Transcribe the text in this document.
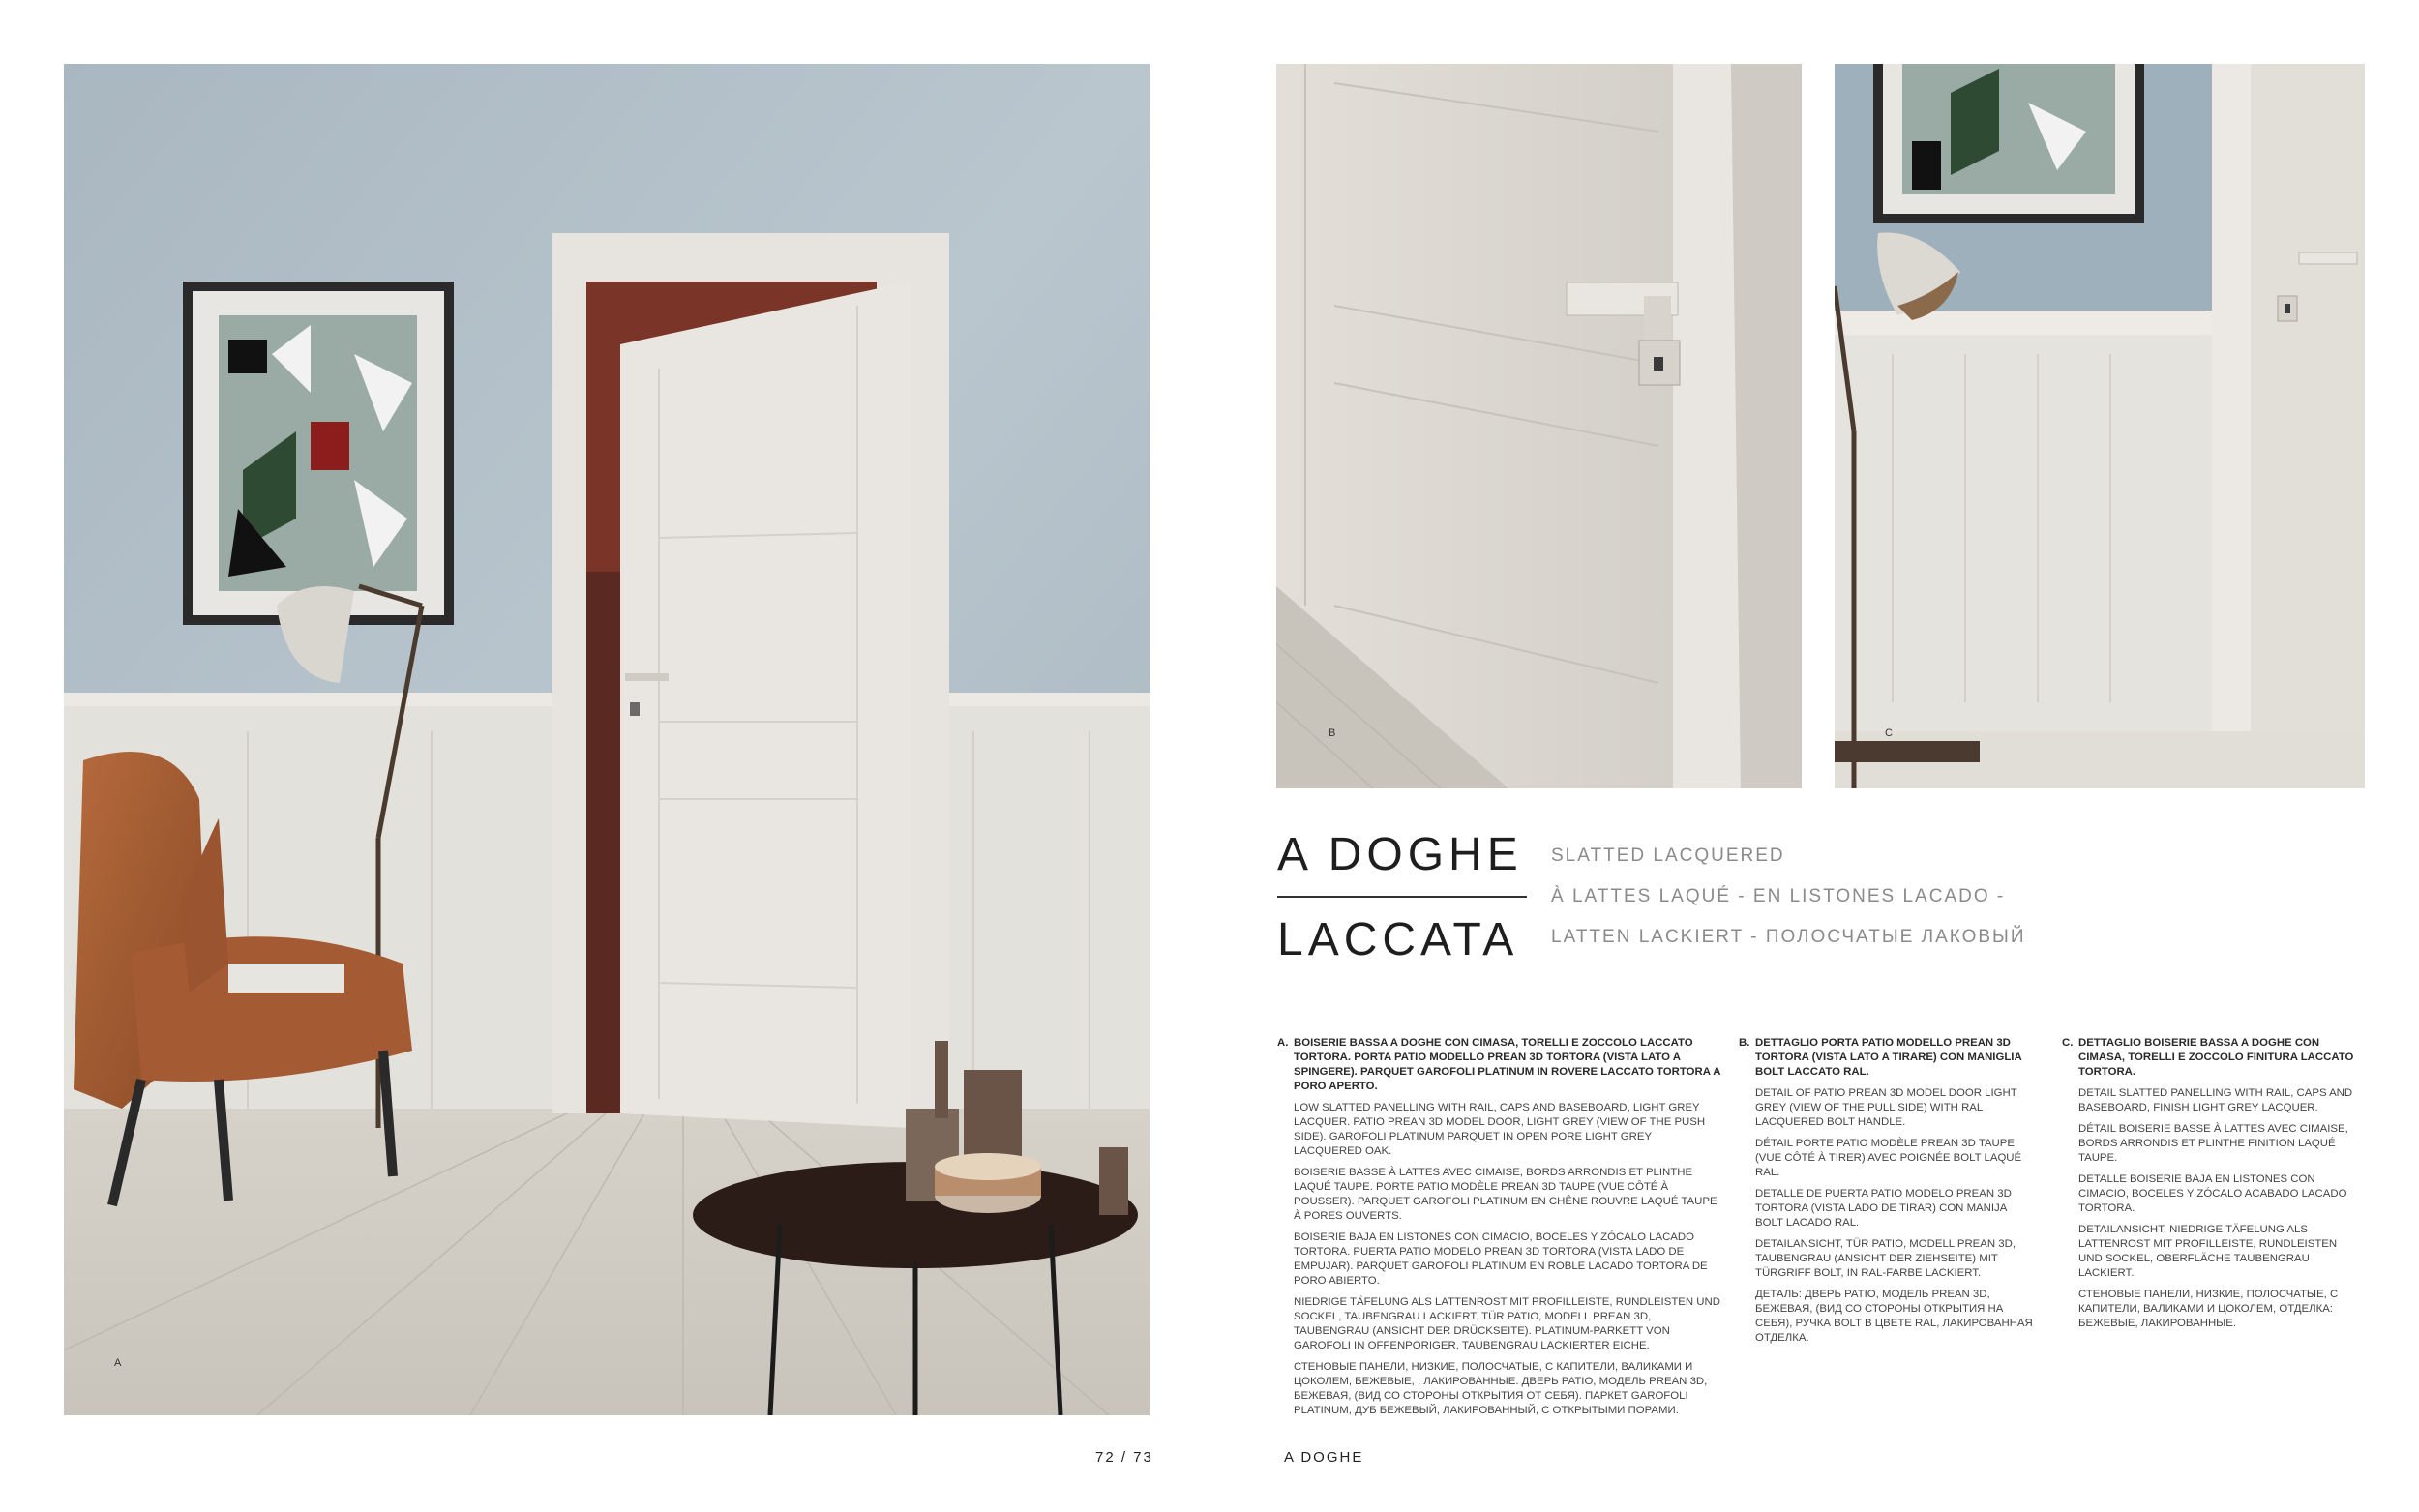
A
B	C
A DOGHE
LACCATA
SLATTED LACQUERED
À LATTES LAQUÉ - EN LISTONES LACADO -
LATTEN LACKIERT - ПОЛОСЧАТЫЕ ЛАКОВЫЙ
A. BOISERIE BASSA A DOGHE CON CIMASA, TORELLI E ZOCCOLO LACCATO TORTORA. PORTA PATIO MODELLO PREAN 3D TORTORA (VISTA LATO A SPINGERE). PARQUET GAROFOLI PLATINUM IN ROVERE LACCATO TORTORA A PORO APERTO.
LOW SLATTED PANELLING WITH RAIL, CAPS AND BASEBOARD, LIGHT GREY LACQUER. PATIO PREAN 3D MODEL DOOR, LIGHT GREY (VIEW OF THE PUSH SIDE). GAROFOLI PLATINUM PARQUET IN OPEN PORE LIGHT GREY LACQUERED OAK.
BOISERIE BASSE À LATTES AVEC CIMAISE, BORDS ARRONDIS ET PLINTHE LAQUÉ TAUPE. PORTE PATIO MODÈLE PREAN 3D TAUPE (VUE CÔTÉ À POUSSER). PARQUET GAROFOLI PLATINUM EN CHÊNE ROUVRE LAQUÉ TAUPE À PORES OUVERTS.
BOISERIE BAJA EN LISTONES CON CIMACIO, BOCELES Y ZÓCALO LACADO TORTORA. PUERTA PATIO MODELO PREAN 3D TORTORA (VISTA LADO DE EMPUJAR). PARQUET GAROFOLI PLATINUM EN ROBLE LACADO TORTORA DE PORO ABIERTO.
NIEDRIGE TÄFELUNG ALS LATTENROST MIT PROFILLEISTE, RUNDLEISTEN UND SOCKEL, TAUBENGRAU LACKIERT. TÜR PATIO, MODELL PREAN 3D, TAUBENGRAU (ANSICHT DER DRÜCKSEITE). PLATINUM-PARKETT VON GAROFOLI IN OFFENPORIGER, TAUBENGRAU LACKIERTER EICHE.
СТЕНОВЫЕ ПАНЕЛИ, НИЗКИЕ, ПОЛОСЧАТЫЕ, С КАПИТЕЛИ, ВАЛИКАМИ И ЦОКОЛЕМ, БЕЖЕВЫЕ, , ЛАКИРОВАННЫЕ. ДВЕРЬ PATIO, МОДЕЛЬ PREAN 3D, БЕЖЕВАЯ, (ВИД СО СТОРОНЫ ОТКРЫТИЯ ОТ СЕБЯ). ПАРКЕТ GAROFOLI PLATINUM, ДУБ БЕЖЕВЫЙ, ЛАКИРОВАННЫЙ, С ОТКРЫТЫМИ ПОРАМИ.
B. DETTAGLIO PORTA PATIO MODELLO PREAN 3D TORTORA (VISTA LATO A TIRARE) CON MANIGLIA BOLT LACCATO RAL.
DETAIL OF PATIO PREAN 3D MODEL DOOR LIGHT GREY (VIEW OF THE PULL SIDE) WITH RAL LACQUERED BOLT HANDLE.
DÉTAIL PORTE PATIO MODÈLE PREAN 3D TAUPE (VUE CÔTÉ À TIRER) AVEC POIGNÉE BOLT LAQUÉ RAL.
DETALLE DE PUERTA PATIO MODELO PREAN 3D TORTORA (VISTA LADO DE TIRAR) CON MANIJA BOLT LACADO RAL.
DETAILANSICHT, TÜR PATIO, MODELL PREAN 3D, TAUBENGRAU (ANSICHT DER ZIEHSEITE) MIT TÜRGRIFF BOLT, IN RAL-FARBE LACKIERT.
ДЕТАЛЬ: ДВЕРЬ PATIO, МОДЕЛЬ PREAN 3D, БЕЖЕВАЯ, (ВИД СО СТОРОНЫ ОТКРЫТИЯ НА СЕБЯ), РУЧКА BOLT В ЦВЕТЕ RAL, ЛАКИРОВАННАЯ ОТДЕЛКА.
C. DETTAGLIO BOISERIE BASSA A DOGHE CON CIMASA, TORELLI E ZOCCOLO FINITURA LACCATO TORTORA.
DETAIL SLATTED PANELLING WITH RAIL, CAPS AND BASEBOARD, FINISH LIGHT GREY LACQUER.
DÉTAIL BOISERIE BASSE À LATTES AVEC CIMAISE, BORDS ARRONDIS ET PLINTHE FINITION LAQUÉ TAUPE.
DETALLE BOISERIE BAJA EN LISTONES CON CIMACIO, BOCELES Y ZÓCALO ACABADO LACADO TORTORA.
DETAILANSICHT, NIEDRIGE TÄFELUNG ALS LATTENROST MIT PROFILLEISTE, RUNDLEISTEN UND SOCKEL, OBERFLÄCHE TAUBENGRAU LACKIERT.
СТЕНОВЫЕ ПАНЕЛИ, НИЗКИЕ, ПОЛОСЧАТЫЕ, С КАПИТЕЛИ, ВАЛИКАМИ И ЦОКОЛЕМ, ОТДЕЛКА: БЕЖЕВЫЕ, ЛАКИРОВАННЫЕ.
72 / 73	A DOGHE
